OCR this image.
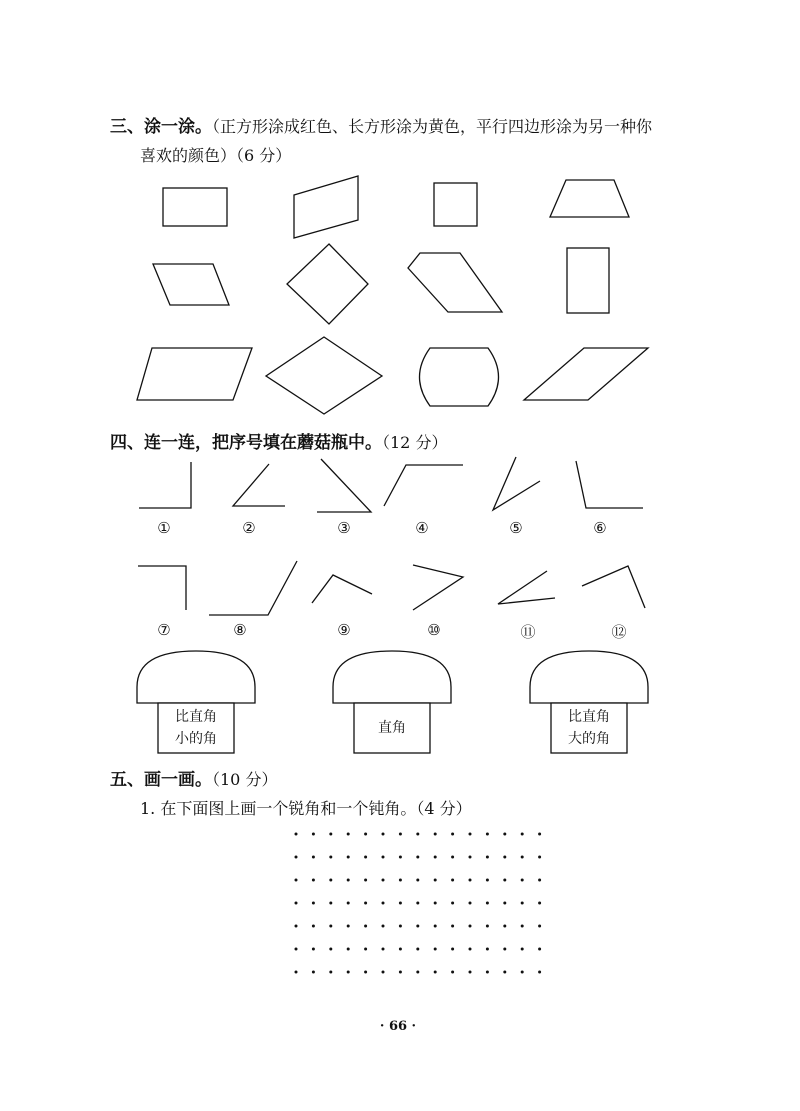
三、涂一涂。（正方形涂成红色、长方形涂为黄色，平行四边形涂为另一种你
喜欢的颜色）（6 分）
①	②	③	④	⑤	⑥
⑦	⑧	⑨	⑩	⑪	⑫
四、连一连，把序号填在蘑菇瓶中。（12 分）
比直角
小的角
直角
比直角
大的角
五、画一画。（10 分）
1. 在下面图上画一个锐角和一个钝角。（4 分）
· 66 ·
